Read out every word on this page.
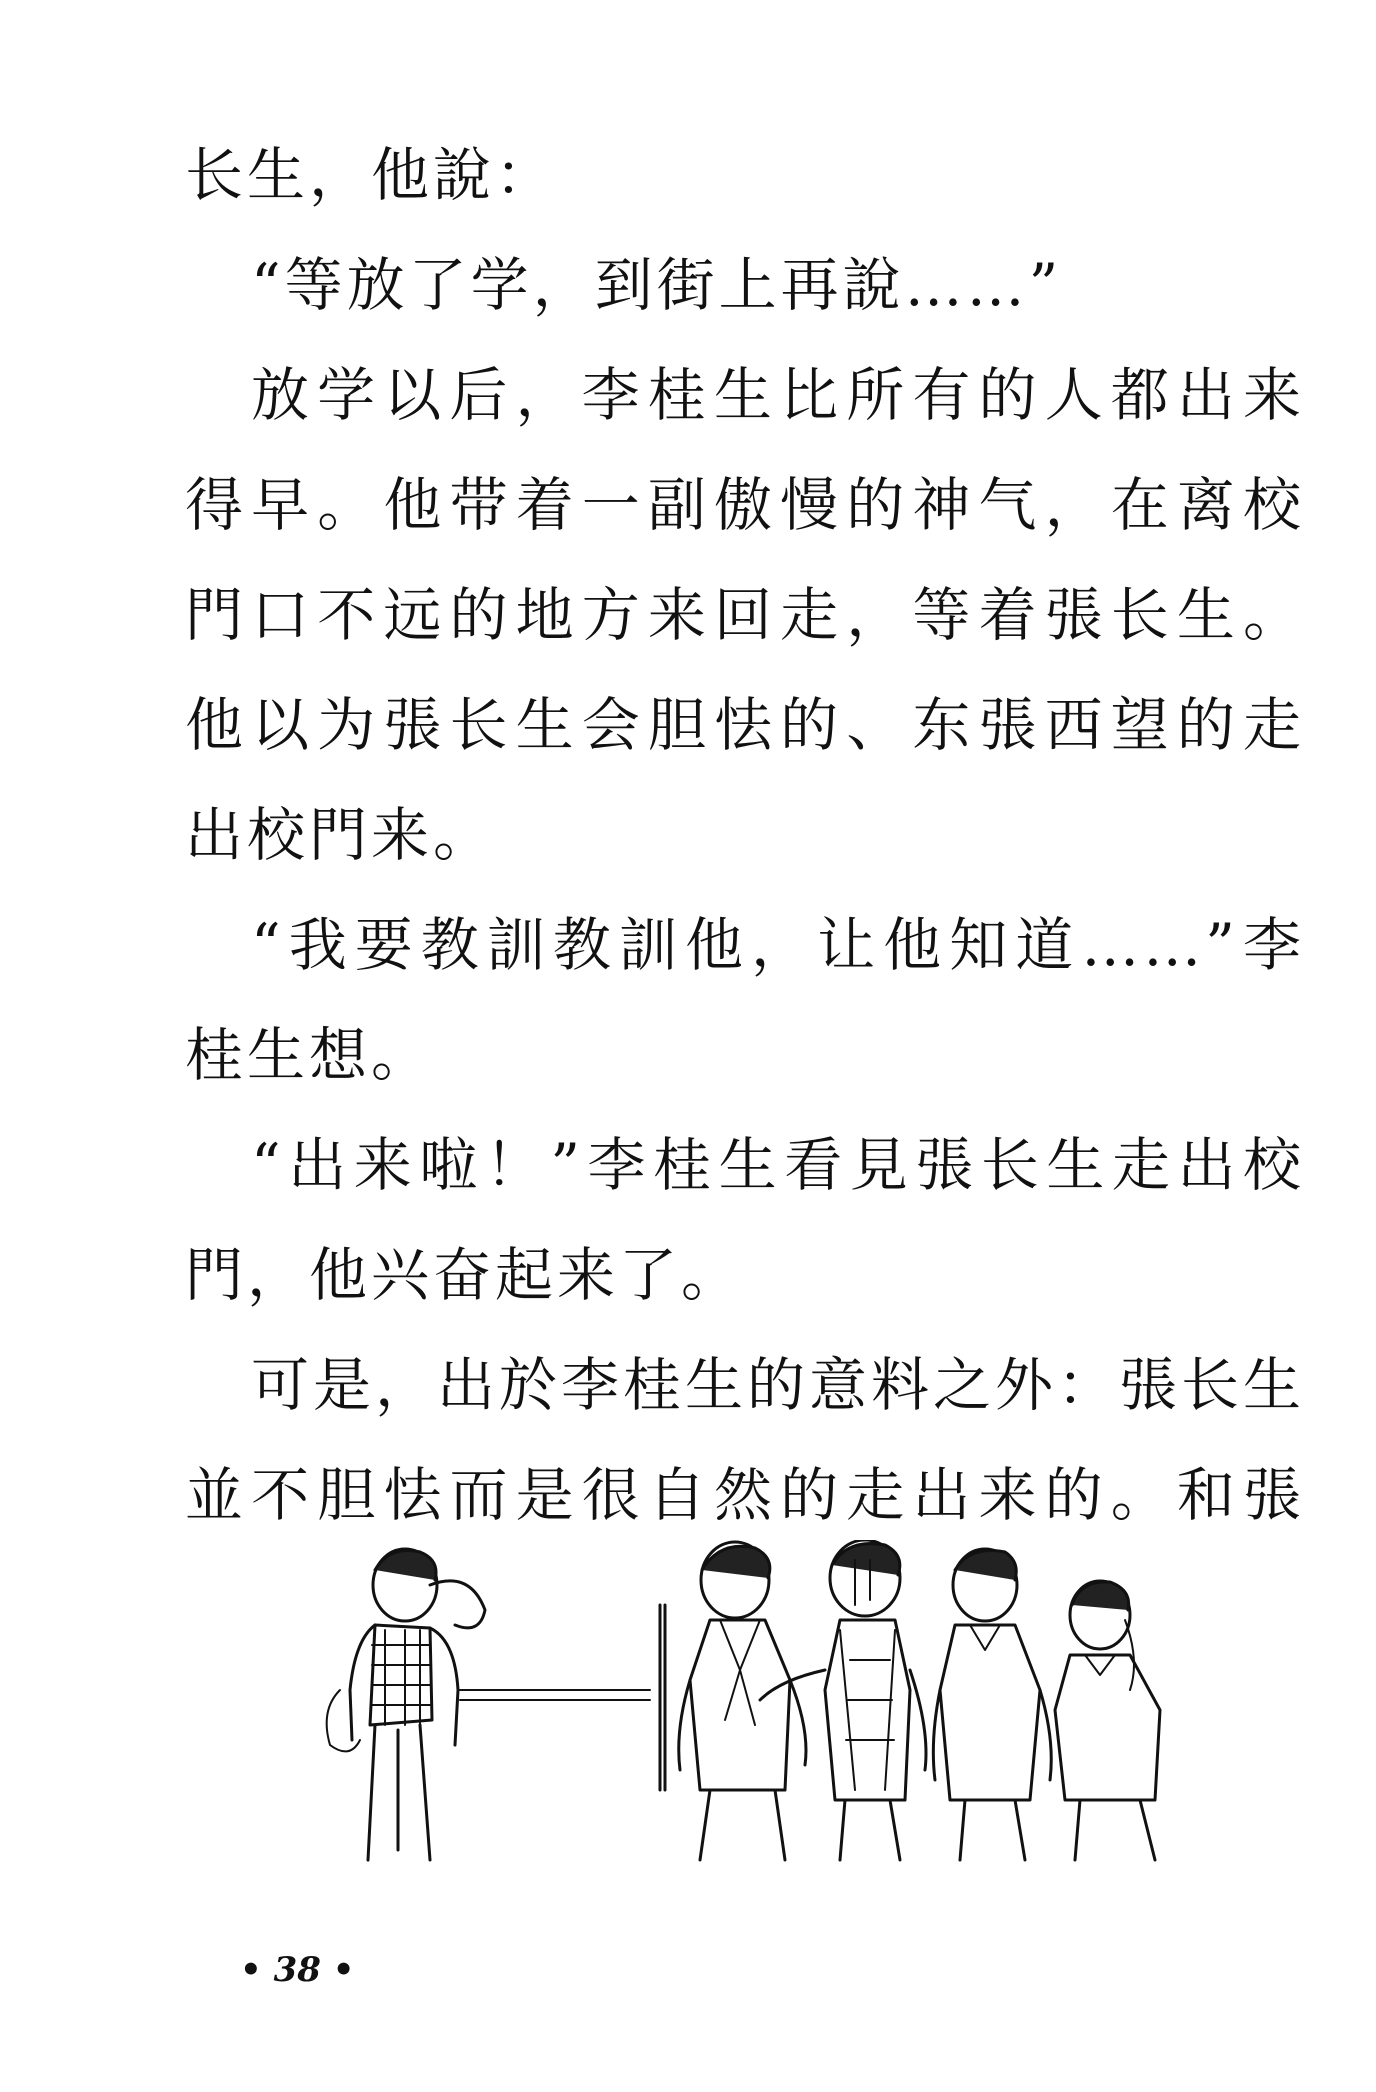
长生，他說：
“等放了学，到街上再說……”
放学以后，李桂生比所有的人都出来
得早。他带着一副傲慢的神气，在离校
門口不远的地方来回走，等着張长生。
他以为張长生会胆怯的、东張西望的走
出校門来。
“我要教訓教訓他，让他知道……”李
桂生想。
“出来啦！”李桂生看見張长生走出校
門，他兴奋起来了。
可是，出於李桂生的意料之外：張长生
並不胆怯而是很自然的走出来的。和張
• 38 •
